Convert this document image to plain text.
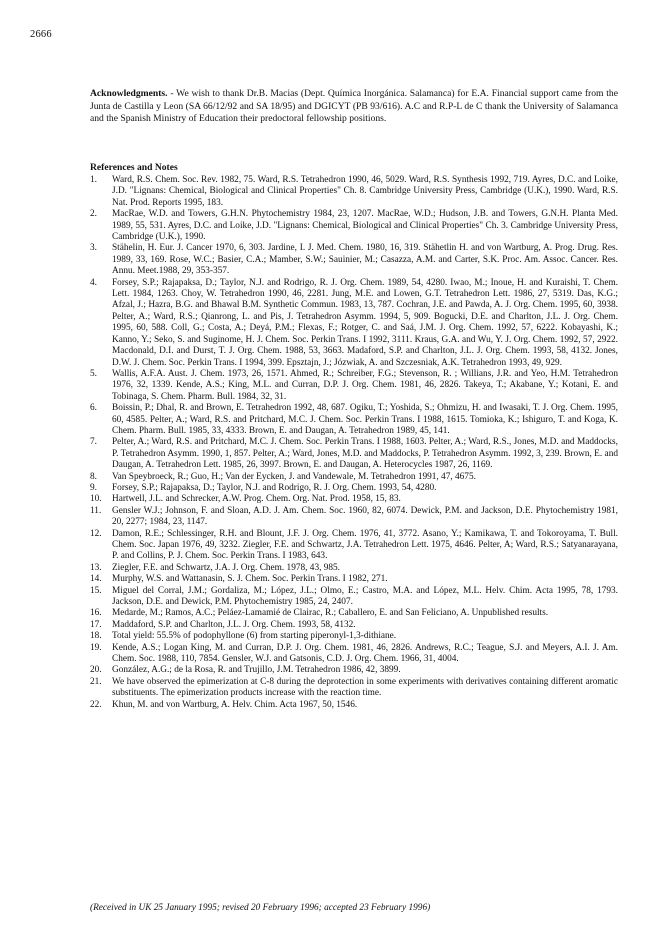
2666
Acknowledgments. - We wish to thank Dr.B. Macias (Dept. Química Inorgánica. Salamanca) for E.A. Financial support came from the Junta de Castilla y Leon (SA 66/12/92 and SA 18/95) and DGICYT (PB 93/616). A.C and R.P-L de C thank the University of Salamanca and the Spanish Ministry of Education their predoctoral fellowship positions.
References and Notes
1.	Ward, R.S. Chem. Soc. Rev. 1982, 75. Ward, R.S. Tetrahedron 1990, 46, 5029. Ward, R.S. Synthesis 1992, 719. Ayres, D.C. and Loike, J.D. "Lignans: Chemical, Biological and Clinical Properties" Ch. 8. Cambridge University Press, Cambridge (U.K.), 1990. Ward, R.S. Nat. Prod. Reports 1995, 183.
2.	MacRae, W.D. and Towers, G.H.N. Phytochemistry 1984, 23, 1207. MacRae, W.D.; Hudson, J.B. and Towers, G.N.H. Planta Med. 1989, 55, 531. Ayres, D.C. and Loike, J.D. "Lignans: Chemical, Biological and Clinical Properties" Ch. 3. Cambridge University Press, Cambridge (U.K.), 1990.
3.	Stähelin, H. Eur. J. Cancer 1970, 6, 303. Jardine, I. J. Med. Chem. 1980, 16, 319. Stähetlin H. and von Wartburg, A. Prog. Drug. Res. 1989, 33, 169. Rose, W.C.; Basier, C.A.; Mamber, S.W.; Sauinier, M.; Casazza, A.M. and Carter, S.K. Proc. Am. Assoc. Cancer. Res. Annu. Meet.1988, 29, 353-357.
4.	Forsey, S.P.; Rajapaksa, D.; Taylor, N.J. and Rodrigo, R. J. Org. Chem. 1989, 54, 4280. Iwao, M.; Inoue, H. and Kuraishi, T. Chem. Lett. 1984, 1263. Choy, W. Tetrahedron 1990, 46, 2281. Jung, M.E. and Lowen, G.T. Tetrahedron Lett. 1986, 27, 5319. Das, K.G.; Afzal, J.; Hazra, B.G. and Bhawal B.M. Synthetic Commun. 1983, 13, 787. Cochran, J.E. and Pawda, A. J. Org. Chem. 1995, 60, 3938. Pelter, A.; Ward, R.S.; Qianrong, L. and Pis, J. Tetrahedron Asymm. 1994, 5, 909. Bogucki, D.E. and Charlton, J.L. J. Org. Chem. 1995, 60, 588. Coll, G.; Costa, A.; Deyá, P.M.; Flexas, F.; Rotger, C. and Saá, J.M. J. Org. Chem. 1992, 57, 6222. Kobayashi, K.; Kanno, Y.; Seko, S. and Suginome, H. J. Chem. Soc. Perkin Trans. I 1992, 3111. Kraus, G.A. and Wu, Y. J. Org. Chem. 1992, 57, 2922. Macdonald, D.I. and Durst, T. J. Org. Chem. 1988, 53, 3663. Madaford, S.P. and Charlton, J.L. J. Org. Chem. 1993, 58, 4132. Jones, D.W. J. Chem. Soc. Perkin Trans. I 1994, 399. Epsztajn, J.; Józwiak, A. and Szczesniak, A.K. Tetrahedron 1993, 49, 929.
5.	Wallis, A.F.A. Aust. J. Chem. 1973, 26, 1571. Ahmed, R.; Schreiber, F.G.; Stevenson, R. ; Willians, J.R. and Yeo, H.M. Tetrahedron 1976, 32, 1339. Kende, A.S.; King, M.L. and Curran, D.P. J. Org. Chem. 1981, 46, 2826. Takeya, T.; Akabane, Y.; Kotani, E. and Tobinaga, S. Chem. Pharm. Bull. 1984, 32, 31.
6.	Boissin, P.; Dhal, R. and Brown, E. Tetrahedron 1992, 48, 687. Ogiku, T.; Yoshida, S.; Ohmizu, H. and Iwasaki, T. J. Org. Chem. 1995, 60, 4585. Pelter, A.; Ward, R.S. and Pritchard, M.C. J. Chem. Soc. Perkin Trans. I 1988, 1615. Tomioka, K.; Ishiguro, T. and Koga, K. Chem. Pharm. Bull. 1985, 33, 4333. Brown, E. and Daugan, A. Tetrahedron 1989, 45, 141.
7.	Pelter, A.; Ward, R.S. and Pritchard, M.C. J. Chem. Soc. Perkin Trans. I 1988, 1603. Pelter, A.; Ward, R.S., Jones, M.D. and Maddocks, P. Tetrahedron Asymm. 1990, 1, 857. Pelter, A.; Ward, Jones, M.D. and Maddocks, P. Tetrahedron Asymm. 1992, 3, 239. Brown, E. and Daugan, A. Tetrahedron Lett. 1985, 26, 3997. Brown, E. and Daugan, A. Heterocycles 1987, 26, 1169.
8.	Van Speybroeck, R.; Guo, H.; Van der Eycken, J. and Vandewale, M. Tetrahedron 1991, 47, 4675.
9.	Forsey, S.P.; Rajapaksa, D.; Taylor, N.J. and Rodrigo, R. J. Org. Chem. 1993, 54, 4280.
10.	Hartwell, J.L. and Schrecker, A.W. Prog. Chem. Org. Nat. Prod. 1958, 15, 83.
11.	Gensler W.J.; Johnson, F. and Sloan, A.D. J. Am. Chem. Soc. 1960, 82, 6074. Dewick, P.M. and Jackson, D.E. Phytochemistry 1981, 20, 2277; 1984, 23, 1147.
12.	Damon, R.E.; Schlessinger, R.H. and Blount, J.F. J. Org. Chem. 1976, 41, 3772. Asano, Y.; Kamikawa, T. and Tokoroyama, T. Bull. Chem. Soc. Japan 1976, 49, 3232. Ziegler, F.E. and Schwartz, J.A. Tetrahedron Lett. 1975, 4646. Pelter, A; Ward, R.S.; Satyanarayana, P. and Collins, P. J. Chem. Soc. Perkin Trans. I 1983, 643.
13.	Ziegler, F.E. and Schwartz, J.A. J. Org. Chem. 1978, 43, 985.
14.	Murphy, W.S. and Wattanasin, S. J. Chem. Soc. Perkin Trans. I 1982, 271.
15.	Miguel del Corral, J.M.; Gordaliza, M.; López, J.L.; Olmo, E.; Castro, M.A. and López, M.L. Helv. Chim. Acta 1995, 78, 1793. Jackson, D.E. and Dewick, P.M. Phytochemistry 1985, 24, 2407.
16.	Medarde, M.; Ramos, A.C.; Peláez-Lamamié de Clairac, R.; Caballero, E. and San Feliciano, A. Unpublished results.
17.	Maddaford, S.P. and Charlton, J.L. J. Org. Chem. 1993, 58, 4132.
18.	Total yield: 55.5% of podophyllone (6) from starting piperonyl-1,3-dithiane.
19.	Kende, A.S.; Logan King, M. and Curran, D.P. J. Org. Chem. 1981, 46, 2826. Andrews, R.C.; Teague, S.J. and Meyers, A.I. J. Am. Chem. Soc. 1988, 110, 7854. Gensler, W.J. and Gatsonis, C.D. J. Org. Chem. 1966, 31, 4004.
20.	González, A.G.; de la Rosa, R. and Trujillo, J.M. Tetrahedron 1986, 42, 3899.
21.	We have observed the epimerization at C-8 during the deprotection in some experiments with derivatives containing different aromatic substituents. The epimerization products increase with the reaction time.
22.	Khun, M. and von Wartburg, A. Helv. Chim. Acta 1967, 50, 1546.
(Received in UK 25 January 1995; revised 20 February 1996; accepted 23 February 1996)
